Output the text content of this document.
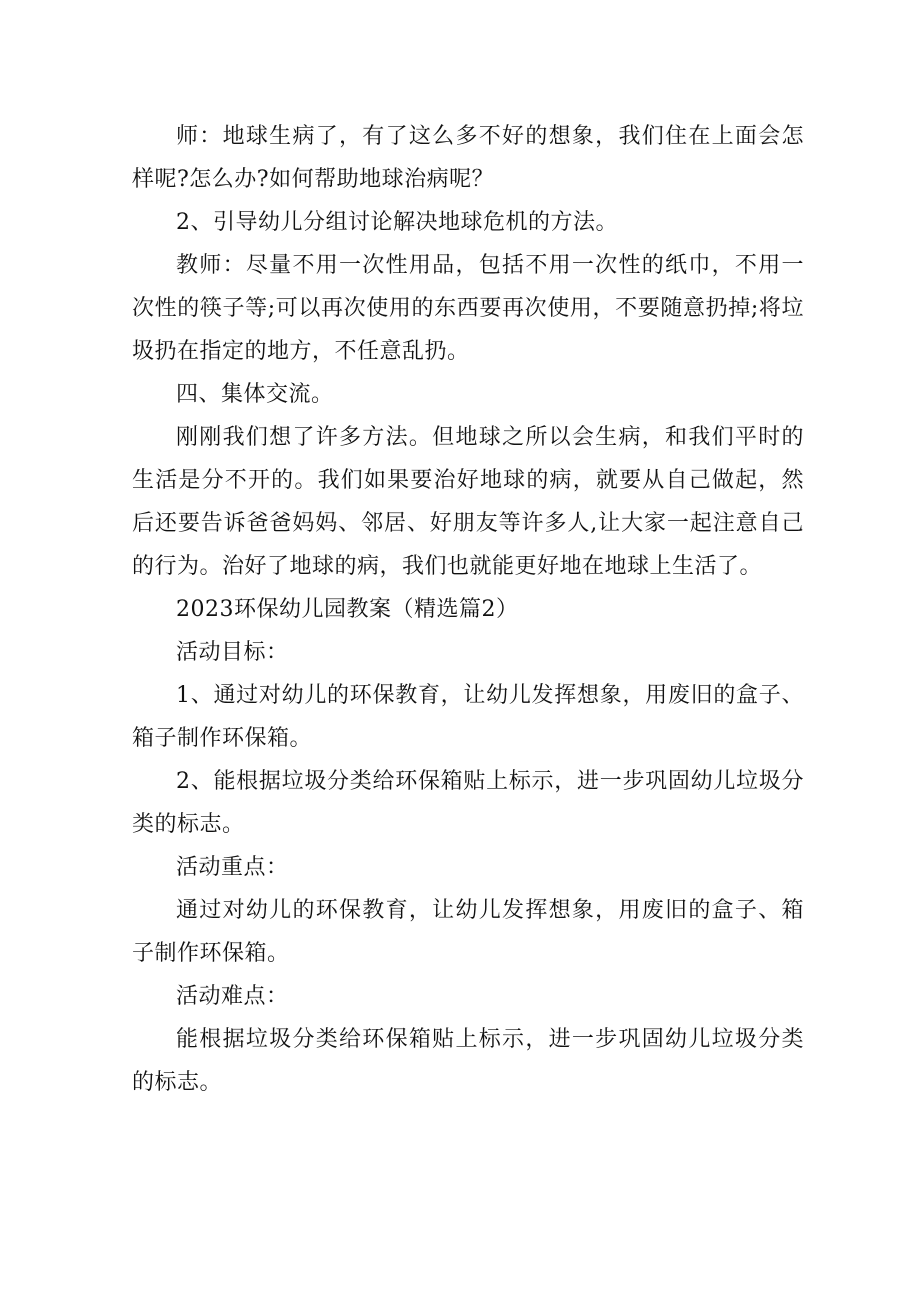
师：地球生病了，有了这么多不好的想象，我们住在上面会怎样呢?怎么办?如何帮助地球治病呢？

2、引导幼儿分组讨论解决地球危机的方法。

教师：尽量不用一次性用品，包括不用一次性的纸巾，不用一次性的筷子等;可以再次使用的东西要再次使用，不要随意扔掉;将垃圾扔在指定的地方，不任意乱扔。

四、集体交流。

刚刚我们想了许多方法。但地球之所以会生病，和我们平时的生活是分不开的。我们如果要治好地球的病，就要从自己做起，然后还要告诉爸爸妈妈、邻居、好朋友等许多人,让大家一起注意自己的行为。治好了地球的病，我们也就能更好地在地球上生活了。

2023环保幼儿园教案（精选篇2）

活动目标：

1、通过对幼儿的环保教育，让幼儿发挥想象，用废旧的盒子、箱子制作环保箱。

2、能根据垃圾分类给环保箱贴上标示，进一步巩固幼儿垃圾分类的标志。

活动重点：

通过对幼儿的环保教育，让幼儿发挥想象，用废旧的盒子、箱子制作环保箱。

活动难点：

能根据垃圾分类给环保箱贴上标示，进一步巩固幼儿垃圾分类的标志。
